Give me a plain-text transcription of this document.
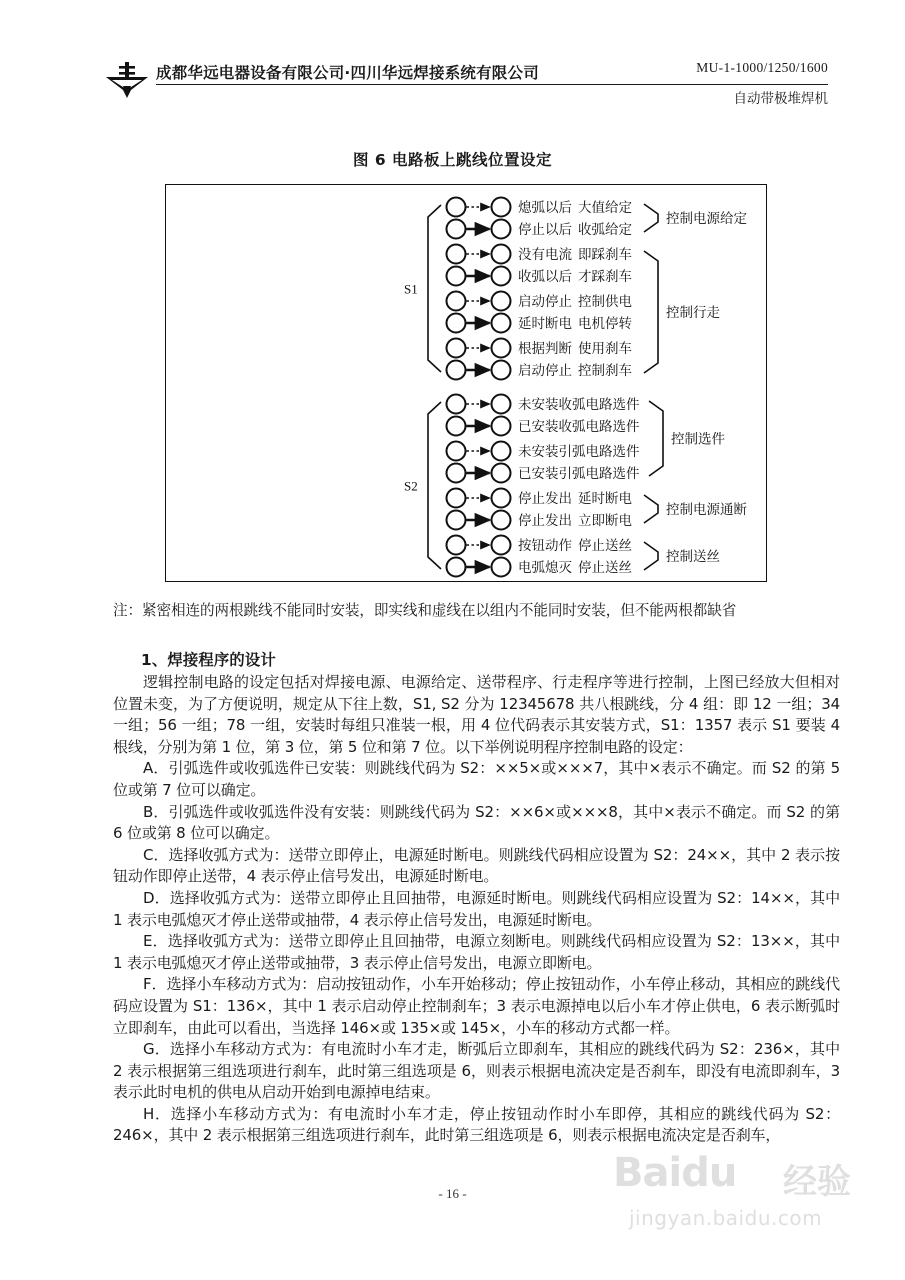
成都华远电器设备有限公司·四川华远焊接系统有限公司	MU-1-1000/1250/1600
自动带极堆焊机
图 6 电路板上跳线位置设定
熄弧以后 大值给定
停止以后 收弧给定
没有电流 即踩刹车
收弧以后 才踩刹车
启动停止 控制供电
延时断电 电机停转
根据判断 使用刹车
启动停止 控制刹车
未安装收弧电路选件
已安装收弧电路选件
未安装引弧电路选件
已安装引弧电路选件
停止发出 延时断电
停止发出 立即断电
按钮动作 停止送丝
电弧熄灭 停止送丝
S1
S2
控制电源给定
控制行走
控制选件
控制电源通断
控制送丝
注：紧密相连的两根跳线不能同时安装，即实线和虚线在以组内不能同时安装，但不能两根都缺省
1、焊接程序的设计

逻辑控制电路的设定包括对焊接电源、电源给定、送带程序、行走程序等进行控制，上图已经放大但相对位置未变，为了方便说明，规定从下往上数，S1, S2 分为 12345678 共八根跳线，分 4 组：即 12 一组；34 一组；56 一组；78 一组，安装时每组只准装一根，用 4 位代码表示其安装方式，S1：1357 表示 S1 要装 4 根线，分别为第 1 位，第 3 位，第 5 位和第 7 位。以下举例说明程序控制电路的设定：

A．引弧选件或收弧选件已安装：则跳线代码为 S2：××5×或×××7，其中×表示不确定。而 S2 的第 5 位或第 7 位可以确定。

B．引弧选件或收弧选件没有安装：则跳线代码为 S2：××6×或×××8，其中×表示不确定。而 S2 的第 6 位或第 8 位可以确定。

C．选择收弧方式为：送带立即停止，电源延时断电。则跳线代码相应设置为 S2：24××，其中 2 表示按钮动作即停止送带，4 表示停止信号发出，电源延时断电。

D．选择收弧方式为：送带立即停止且回抽带，电源延时断电。则跳线代码相应设置为 S2：14××，其中 1 表示电弧熄灭才停止送带或抽带，4 表示停止信号发出，电源延时断电。

E．选择收弧方式为：送带立即停止且回抽带，电源立刻断电。则跳线代码相应设置为 S2：13××，其中 1 表示电弧熄灭才停止送带或抽带，3 表示停止信号发出，电源立即断电。

F．选择小车移动方式为：启动按钮动作，小车开始移动；停止按钮动作，小车停止移动，其相应的跳线代码应设置为 S1：136×，其中 1 表示启动停止控制刹车；3 表示电源掉电以后小车才停止供电，6 表示断弧时立即刹车，由此可以看出，当选择 146×或 135×或 145×，小车的移动方式都一样。

G．选择小车移动方式为：有电流时小车才走，断弧后立即刹车，其相应的跳线代码为 S2：236×，其中 2 表示根据第三组选项进行刹车，此时第三组选项是 6，则表示根据电流决定是否刹车，即没有电流即刹车，3 表示此时电机的供电从启动开始到电源掉电结束。

H．选择小车移动方式为：有电流时小车才走，停止按钮动作时小车即停，其相应的跳线代码为 S2：246×，其中 2 表示根据第三组选项进行刹车，此时第三组选项是 6，则表示根据电流决定是否刹车，

- 16 -	Baidu 经验
jingyan.baidu.com
